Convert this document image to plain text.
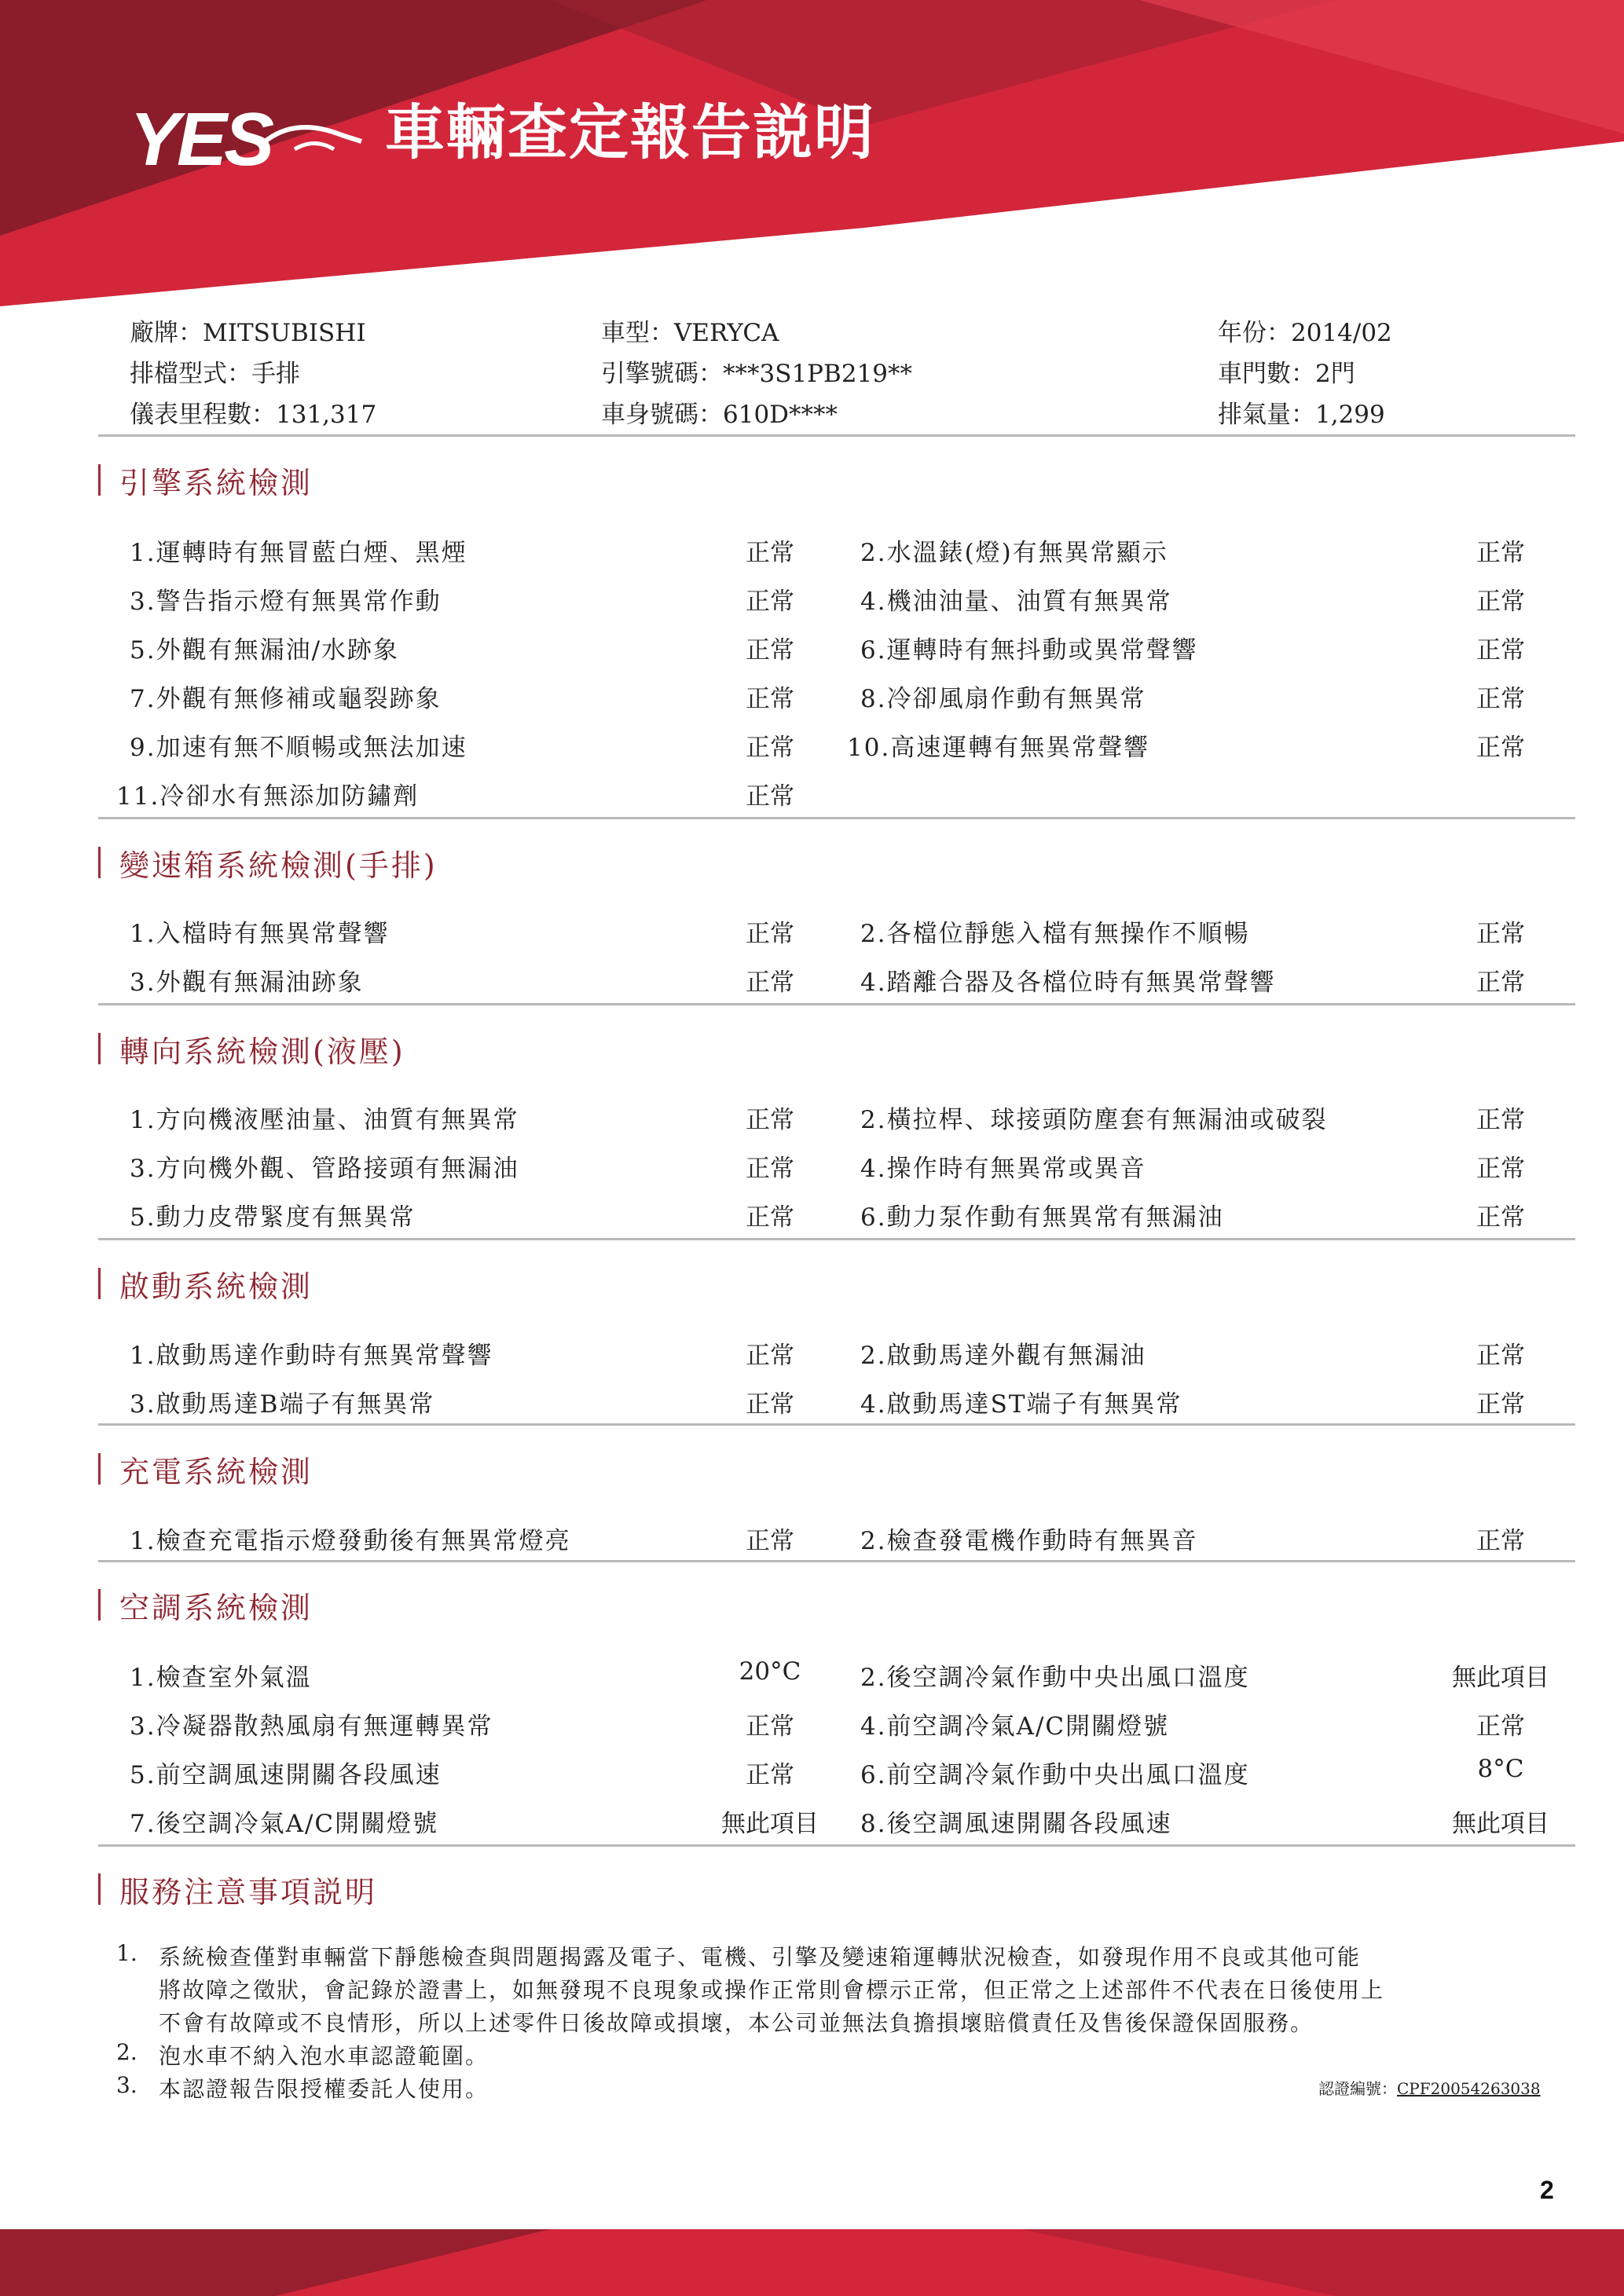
YES 車輛查定報告説明
廠牌：MITSUBISHI	車型：VERYCA	年份：2014/02
排檔型式：手排	引擎號碼：***3S1PB219**	車門數：2門
儀表里程數：131,317	車身號碼：610D****	排氣量：1,299
引擎系統檢測
1.運轉時有無冒藍白煙、黑煙	正常	2.水溫錶(燈)有無異常顯示	正常
3.警告指示燈有無異常作動	正常	4.機油油量、油質有無異常	正常
5.外觀有無漏油/水跡象	正常	6.運轉時有無抖動或異常聲響	正常
7.外觀有無修補或龜裂跡象	正常	8.冷卻風扇作動有無異常	正常
9.加速有無不順暢或無法加速	正常	10.高速運轉有無異常聲響	正常
11.冷卻水有無添加防鏽劑	正常
變速箱系統檢測(手排)
1.入檔時有無異常聲響	正常	2.各檔位靜態入檔有無操作不順暢	正常
3.外觀有無漏油跡象	正常	4.踏離合器及各檔位時有無異常聲響	正常
轉向系統檢測(液壓)
1.方向機液壓油量、油質有無異常	正常	2.橫拉桿、球接頭防塵套有無漏油或破裂	正常
3.方向機外觀、管路接頭有無漏油	正常	4.操作時有無異常或異音	正常
5.動力皮帶緊度有無異常	正常	6.動力泵作動有無異常有無漏油	正常
啟動系統檢測
1.啟動馬達作動時有無異常聲響	正常	2.啟動馬達外觀有無漏油	正常
3.啟動馬達B端子有無異常	正常	4.啟動馬達ST端子有無異常	正常
充電系統檢測
1.檢查充電指示燈發動後有無異常燈亮	正常	2.檢查發電機作動時有無異音	正常
空調系統檢測
1.檢查室外氣溫	20°C	2.後空調冷氣作動中央出風口溫度	無此項目
3.冷凝器散熱風扇有無運轉異常	正常	4.前空調冷氣A/C開關燈號	正常
5.前空調風速開關各段風速	正常	6.前空調冷氣作動中央出風口溫度	8°C
7.後空調冷氣A/C開關燈號	無此項目	8.後空調風速開關各段風速	無此項目
服務注意事項説明
1. 系統檢查僅對車輛當下靜態檢查與問題揭露及電子、電機、引擎及變速箱運轉狀況檢查，如發現作用不良或其他可能
將故障之徵狀，會記錄於證書上，如無發現不良現象或操作正常則會標示正常，但正常之上述部件不代表在日後使用上
不會有故障或不良情形，所以上述零件日後故障或損壞，本公司並無法負擔損壞賠償責任及售後保證保固服務。
2. 泡水車不納入泡水車認證範圍。
3. 本認證報告限授權委託人使用。	認證編號：CPF20054263038
2
